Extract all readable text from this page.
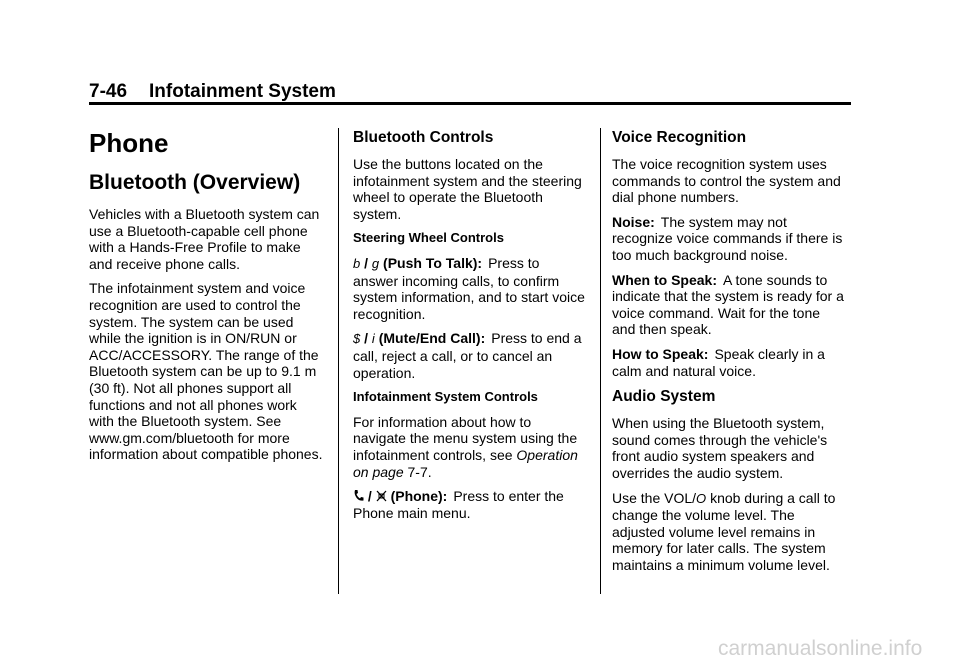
7-46 Infotainment System
Phone
Bluetooth (Overview)

Vehicles with a Bluetooth system can use a Bluetooth-capable cell phone with a Hands-Free Profile to make and receive phone calls.

The infotainment system and voice recognition are used to control the system. The system can be used while the ignition is in ON/RUN or ACC/ACCESSORY. The range of the Bluetooth system can be up to 9.1 m (30 ft). Not all phones support all functions and not all phones work with the Bluetooth system. See www.gm.com/bluetooth for more information about compatible phones.

Bluetooth Controls

Use the buttons located on the infotainment system and the steering wheel to operate the Bluetooth system.

Steering Wheel Controls

b / g (Push To Talk): Press to answer incoming calls, to confirm system information, and to start voice recognition.

$ / i (Mute/End Call): Press to end a call, reject a call, or to cancel an operation.

Infotainment System Controls

For information about how to navigate the menu system using the infotainment controls, see Operation on page 7-7.

/ (Phone): Press to enter the Phone main menu.

Voice Recognition

The voice recognition system uses commands to control the system and dial phone numbers.

Noise: The system may not recognize voice commands if there is too much background noise.

When to Speak: A tone sounds to indicate that the system is ready for a voice command. Wait for the tone and then speak.

How to Speak: Speak clearly in a calm and natural voice.

Audio System

When using the Bluetooth system, sound comes through the vehicle's front audio system speakers and overrides the audio system.

Use the VOL/O knob during a call to change the volume level. The adjusted volume level remains in memory for later calls. The system maintains a minimum volume level.

carmanualsonline.info
